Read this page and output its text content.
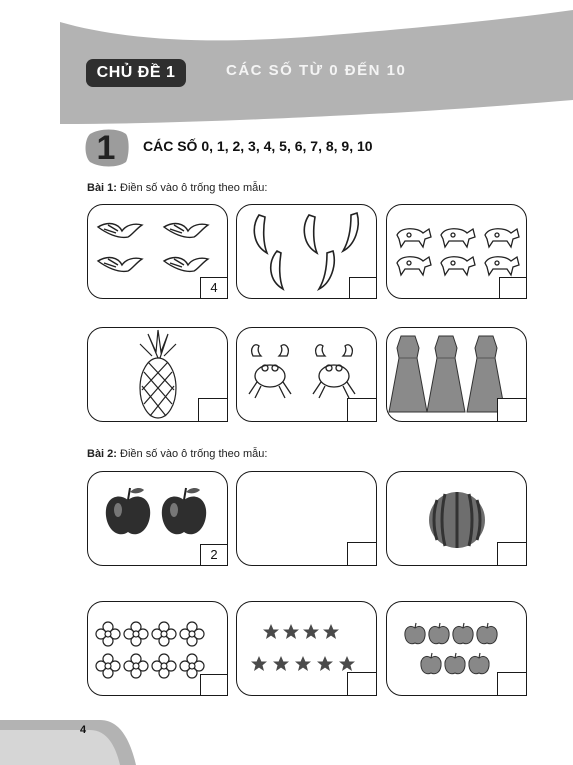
CHỦ ĐỀ 1	CÁC SỐ TỪ 0 ĐẾN 10
1	CÁC SỐ 0, 1, 2, 3, 4, 5, 6, 7, 8, 9, 10
Bài 1: Điền số vào ô trống theo mẫu:
4
Bài 2: Điền số vào ô trống theo mẫu:
2
4
